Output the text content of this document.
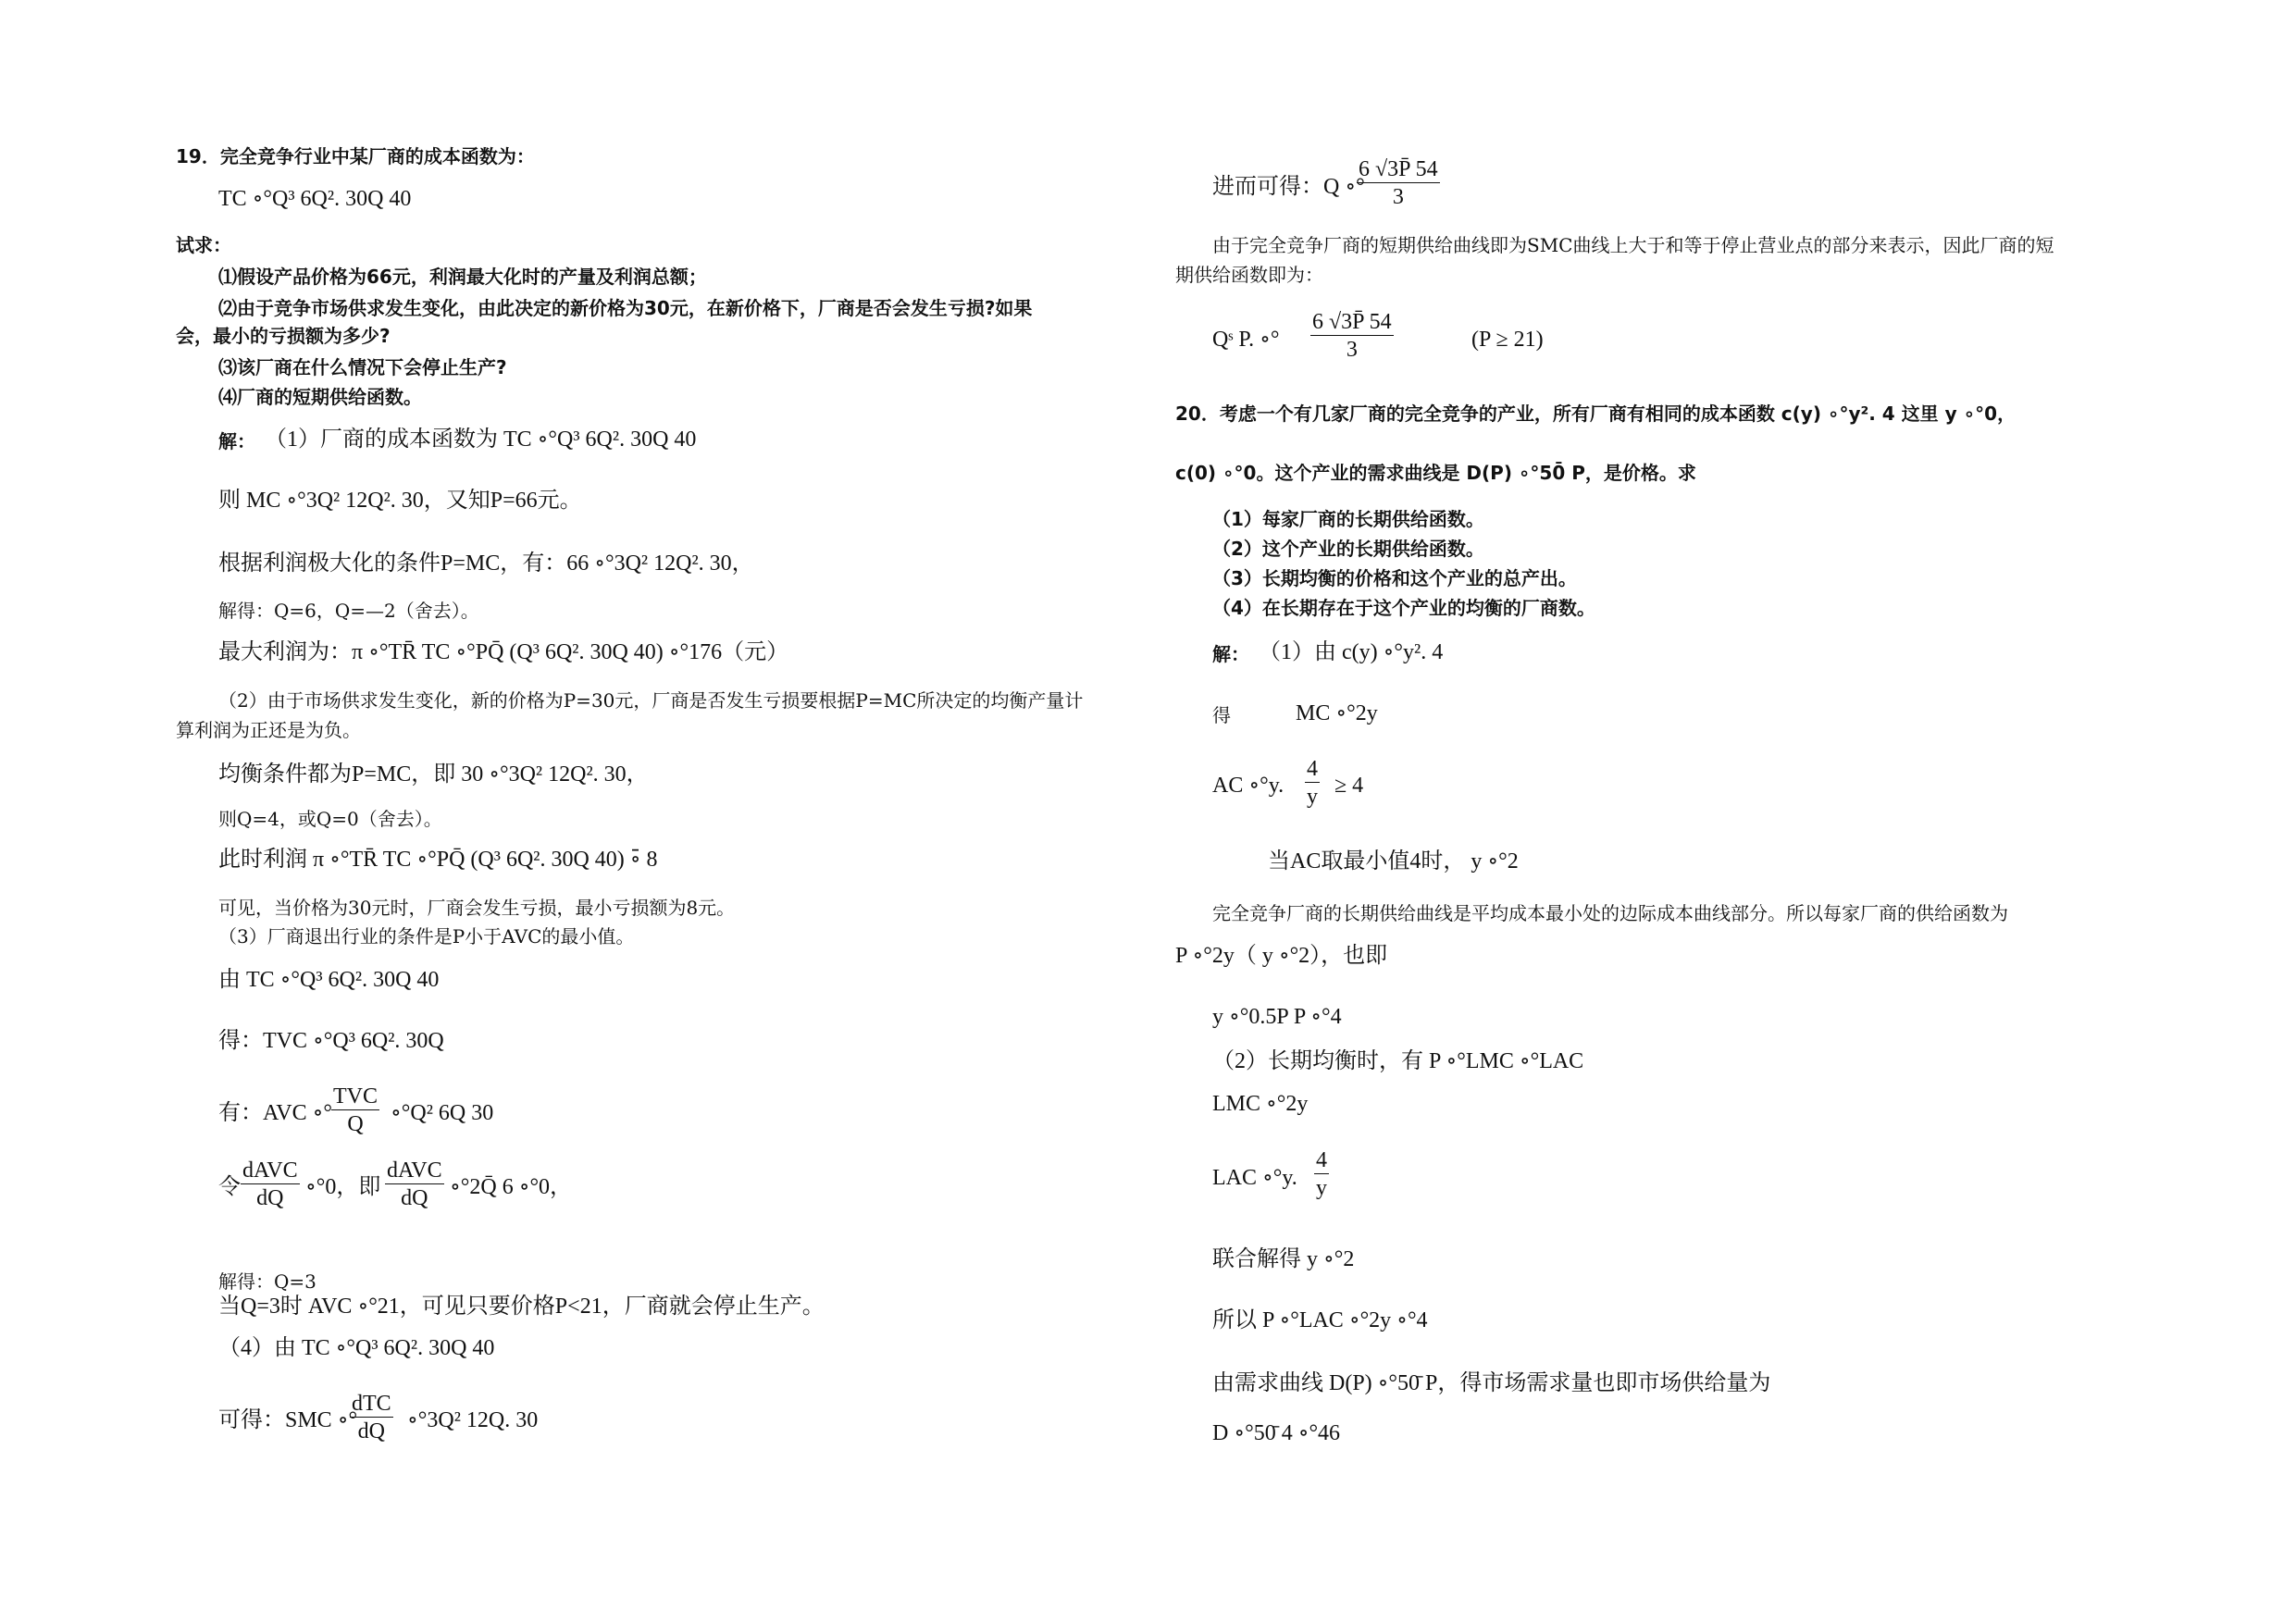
19．完全竞争行业中某厂商的成本函数为：
TC ∘°Q³ 6Q². 30Q 40
试求：
⑴假设产品价格为66元，利润最大化时的产量及利润总额；
⑵由于竞争市场供求发生变化，由此决定的新价格为30元，在新价格下，厂商是否会发生亏损?如果
会，最小的亏损额为多少?
⑶该厂商在什么情况下会停止生产?
⑷厂商的短期供给函数。
解： （1）厂商的成本函数为 TC ∘°Q³ 6Q². 30Q 40
则 MC ∘°3Q² 12Q². 30，又知P=66元。
根据利润极大化的条件P=MC，有：66 ∘°3Q² 12Q². 30，
解得：Q=6，Q=—2（舍去）。
最大利润为：π ∘°TR̄ TC ∘°PQ̄ (Q³ 6Q². 30Q 40) ∘°176（元）
（2）由于市场供求发生变化，新的价格为P=30元，厂商是否发生亏损要根据P=MC所决定的均衡产量计
算利润为正还是为负。
均衡条件都为P=MC，即 30 ∘°3Q² 12Q². 30，
则Q=4，或Q=0（舍去）。
此时利润 π ∘°TR̄ TC ∘°PQ̄ (Q³ 6Q². 30Q 40) ∘̄ 8
可见，当价格为30元时，厂商会发生亏损，最小亏损额为8元。
（3）厂商退出行业的条件是P小于AVC的最小值。
由 TC ∘°Q³ 6Q². 30Q 40
得：TVC ∘°Q³ 6Q². 30Q
有：AVC ∘°
TVC
Q	∘°Q² 6Q 30
令
dAVC
dQ ∘°0，即
dAVC
dQ ∘°2Q̄ 6 ∘°0，
解得：Q=3
当Q=3时 AVC ∘°21，可见只要价格P<21，厂商就会停止生产。
（4）由 TC ∘°Q³ 6Q². 30Q 40
可得：SMC ∘°
dTC
dQ	∘°3Q² 12Q. 30
进而可得：Q ∘°
$\frac{6 √3P̄ 54}{3}$
由于完全竞争厂商的短期供给曲线即为SMC曲线上大于和等于停止营业点的部分来表示，因此厂商的短
期供给函数即为：
Qˢ P. ∘° $\frac{6 √3P̄ 54}{3}$	(P ≥ 21)
20．考虑一个有几家厂商的完全竞争的产业，所有厂商有相同的成本函数 c(y) ∘°y². 4 这里 y ∘°0，
c(0) ∘°0。这个产业的需求曲线是 D(P) ∘°50̄ P，是价格。求
（1）每家厂商的长期供给函数。
（2）这个产业的长期供给函数。
（3）长期均衡的价格和这个产业的总产出。
（4）在长期存在于这个产业的均衡的厂商数。
解： （1）由 c(y) ∘°y². 4
得	MC ∘°2y
AC ∘°y. $\frac{4}{y} \ge 4$
当AC取最小值4时， y ∘°2
完全竞争厂商的长期供给曲线是平均成本最小处的边际成本曲线部分。所以每家厂商的供给函数为
P ∘°2y（ y ∘°2），也即
y ∘°0.5P P ∘°4
（2）长期均衡时，有 P ∘°LMC ∘°LAC
LMC ∘°2y
LAC ∘°y. $\frac{4}{y}$
联合解得 y ∘°2
所以 P ∘°LAC ∘°2y ∘°4
由需求曲线 D(P) ∘°50̄ P，得市场需求量也即市场供给量为
D ∘°50̄ 4 ∘°46
